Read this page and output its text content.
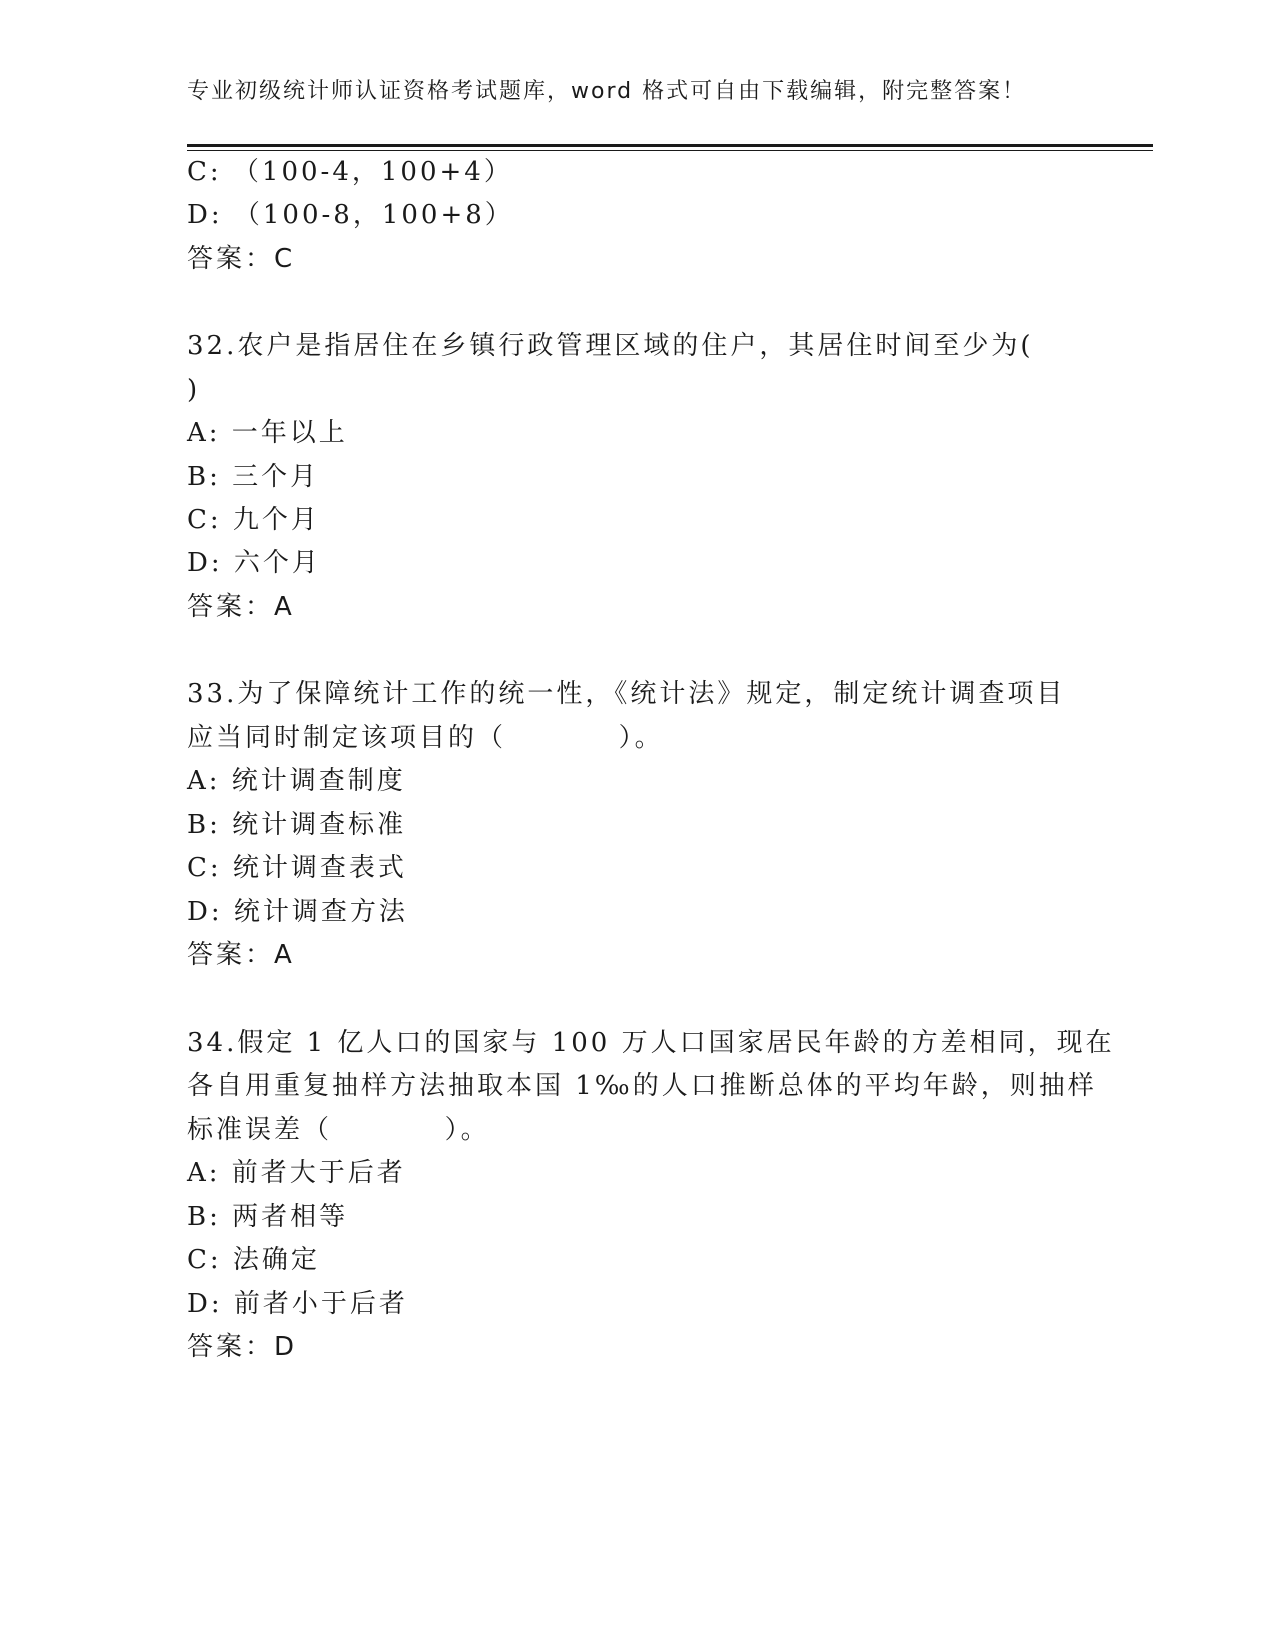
专业初级统计师认证资格考试题库，word 格式可自由下载编辑，附完整答案！
C: （100-4，100+4）
D: （100-8，100+8）
答案：C
32.农户是指居住在乡镇行政管理区域的住户，其居住时间至少为(
)
A: 一年以上
B: 三个月
C: 九个月
D: 六个月
答案：A
33.为了保障统计工作的统一性，《统计法》规定，制定统计调查项目
应当同时制定该项目的（          ）。
A: 统计调查制度
B: 统计调查标准
C: 统计调查表式
D: 统计调查方法
答案：A
34.假定 1 亿人口的国家与 100 万人口国家居民年龄的方差相同，现在
各自用重复抽样方法抽取本国 1‰的人口推断总体的平均年龄，则抽样
标准误差（          ）。
A: 前者大于后者
B: 两者相等
C: 法确定
D: 前者小于后者
答案：D
